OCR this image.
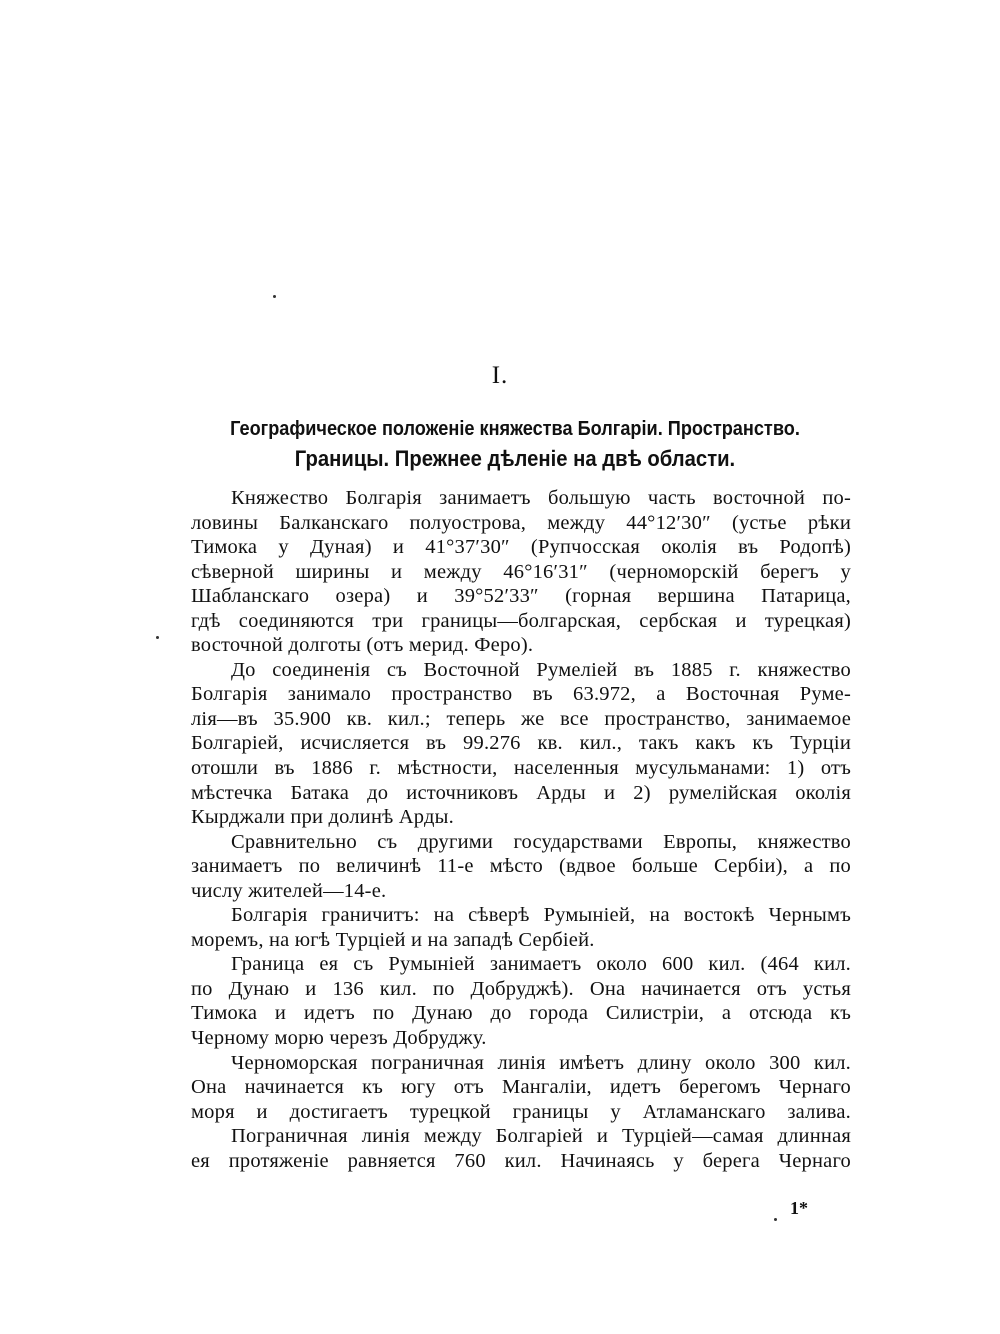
I.
Географическое положеніе княжества Болгаріи. Пространство.
Границы. Прежнее дѣленіе на двѣ области.
Княжество Болгарія занимаетъ большую часть восточной по-
ловины Балканскаго полуострова, между 44°12′30″ (устье рѣки
Тимока у Дуная) и 41°37′30″ (Рупчосская околія въ Родопѣ)
сѣверной ширины и между 46°16′31″ (черноморскій берегъ у
Шабланскаго озера) и 39°52′33″ (горная вершина Патарица,
гдѣ соединяются три границы—болгарская, сербская и турецкая)
восточной долготы (отъ мерид. Феро).
До соединенія съ Восточной Румеліей въ 1885 г. княжество
Болгарія занимало пространство въ 63.972, а Восточная Руме-
лія—въ 35.900 кв. кил.; теперь же все пространство, занимаемое
Болгаріей, исчисляется въ 99.276 кв. кил., такъ какъ къ Турціи
отошли въ 1886 г. мѣстности, населенныя мусульманами: 1) отъ
мѣстечка Батака до источниковъ Арды и 2) румелійская околія
Кырджали при долинѣ Арды.
Сравнительно съ другими государствами Европы, княжество
занимаетъ по величинѣ 11-е мѣсто (вдвое больше Сербіи), а по
числу жителей—14-е.
Болгарія граничитъ: на сѣверѣ Румыніей, на востокѣ Чернымъ
моремъ, на югѣ Турціей и на западѣ Сербіей.
Граница ея съ Румыніей занимаетъ около 600 кил. (464 кил.
по Дунаю и 136 кил. по Добруджѣ). Она начинается отъ устья
Тимока и идетъ по Дунаю до города Силистріи, а отсюда къ
Черному морю черезъ Добруджу.
Черноморская пограничная линія имѣетъ длину около 300 кил.
Она начинается къ югу отъ Мангаліи, идетъ берегомъ Чернаго
моря и достигаетъ турецкой границы у Атламанскаго залива.
Пограничная линія между Болгаріей и Турціей—самая длинная
ея протяженіе равняется 760 кил. Начинаясь у берега Чернаго
1*
